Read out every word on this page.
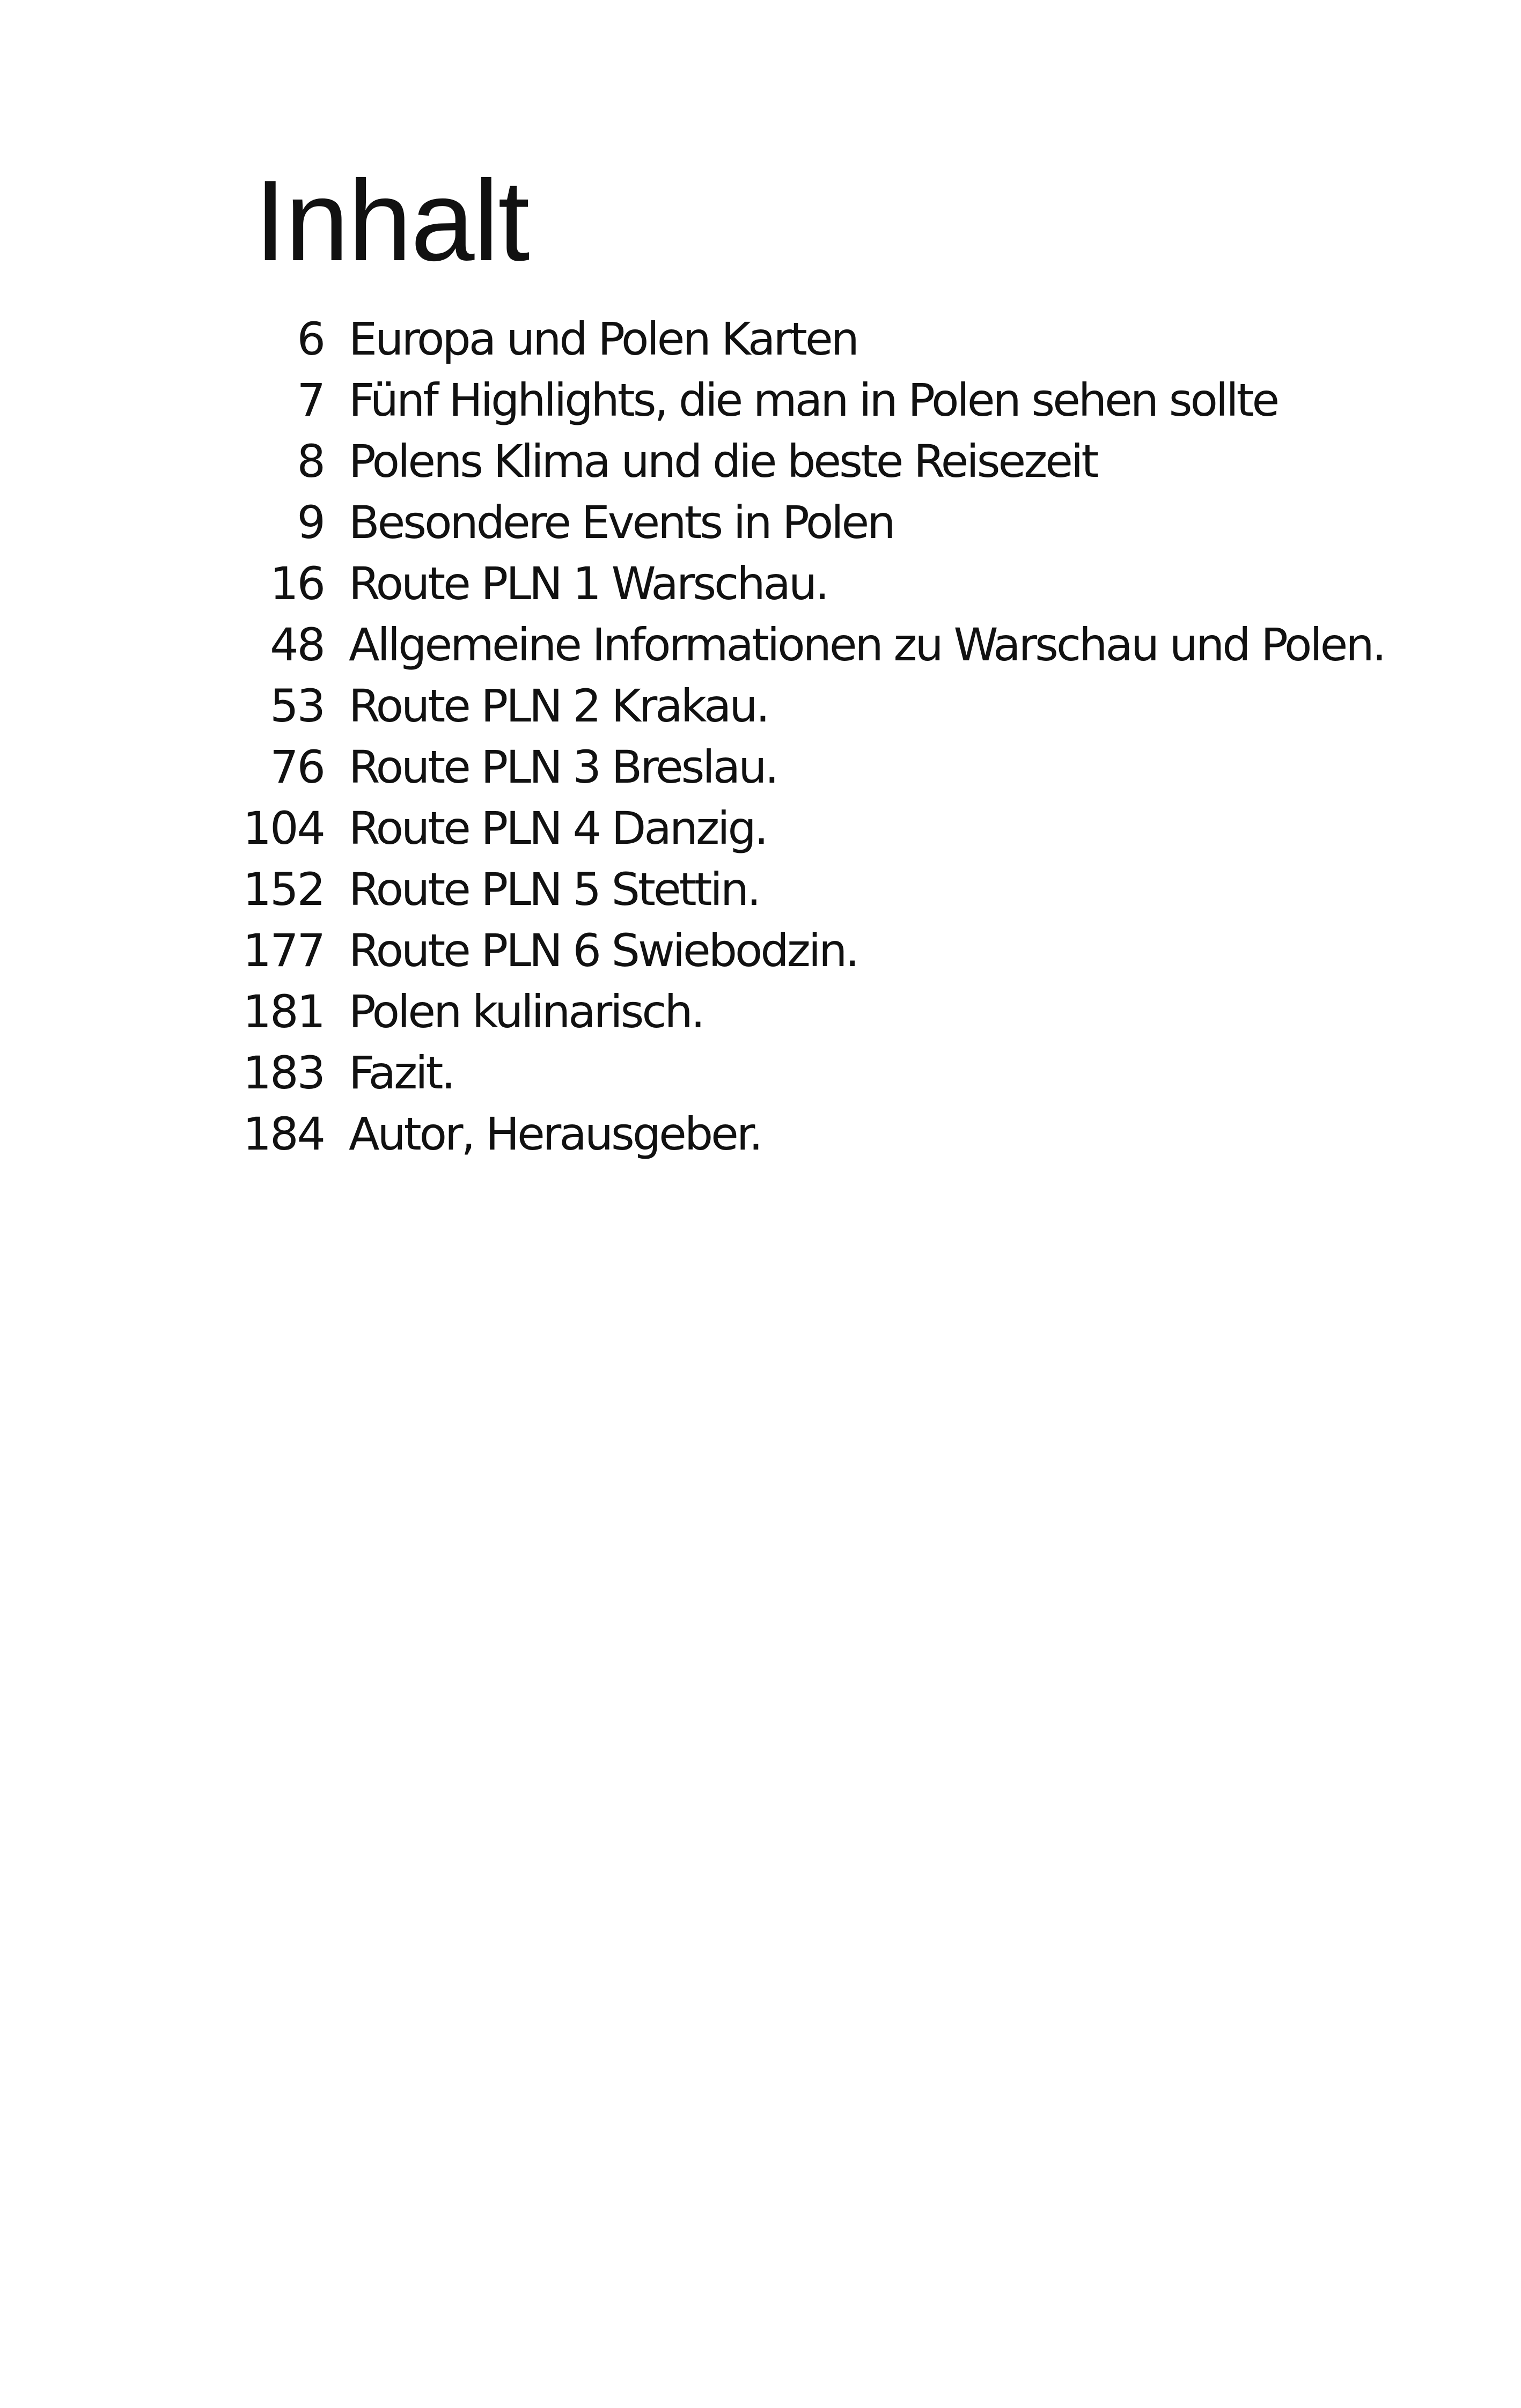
Inhalt
6 Europa und Polen Karten
7 Fünf Highlights, die man in Polen sehen sollte
8 Polens Klima und die beste Reisezeit
9 Besondere Events in Polen
16 Route PLN 1 Warschau.
48 Allgemeine Informationen zu Warschau und Polen.
53 Route PLN 2 Krakau.
76 Route PLN 3 Breslau.
104 Route PLN 4 Danzig.
152 Route PLN 5 Stettin.
177 Route PLN 6 Swiebodzin.
181 Polen kulinarisch.
183 Fazit.
184 Autor, Herausgeber.
